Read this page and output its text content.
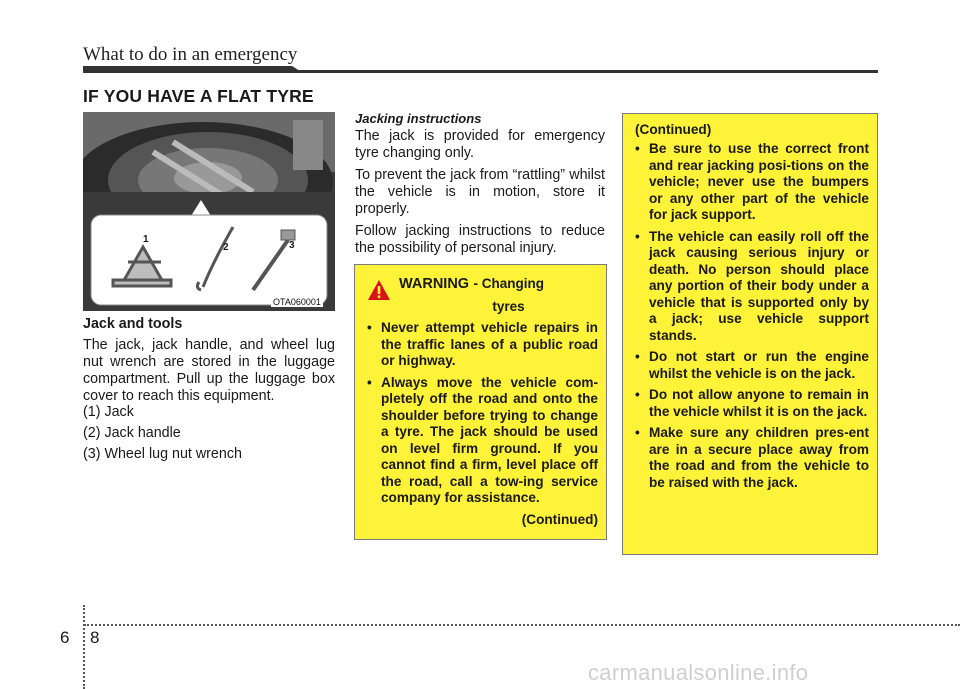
What to do in an emergency
IF YOU HAVE A FLAT TYRE
1
2	3
OTA060001
Jack and tools
The jack, jack handle, and wheel lug nut wrench are stored in the luggage compartment. Pull up the luggage box cover to reach this equipment.
(1) Jack
(2) Jack handle
(3) Wheel lug nut wrench
Jacking instructions

The jack is provided for emergency tyre changing only.

To prevent the jack from “rattling” whilst the vehicle is in motion, store it properly.

Follow jacking instructions to reduce the possibility of personal injury.

WARNING - Changing
tyres
• Never attempt vehicle repairs in the traffic lanes of a public road or highway.
• Always move the vehicle com-pletely off the road and onto the shoulder before trying to change a tyre. The jack should be used on level firm ground. If you cannot find a firm, level place off the road, call a tow-ing service company for assistance.
(Continued)
(Continued)
• Be sure to use the correct front and rear jacking posi-tions on the vehicle; never use the bumpers or any other part of the vehicle for jack support.
• The vehicle can easily roll off the jack causing serious injury or death. No person should place any portion of their body under a vehicle that is supported only by a jack; use vehicle support stands.
• Do not start or run the engine whilst the vehicle is on the jack.
• Do not allow anyone to remain in the vehicle whilst it is on the jack.
• Make sure any children pres-ent are in a secure place away from the road and from the vehicle to be raised with the jack.
6 8
carmanualsonline.info
